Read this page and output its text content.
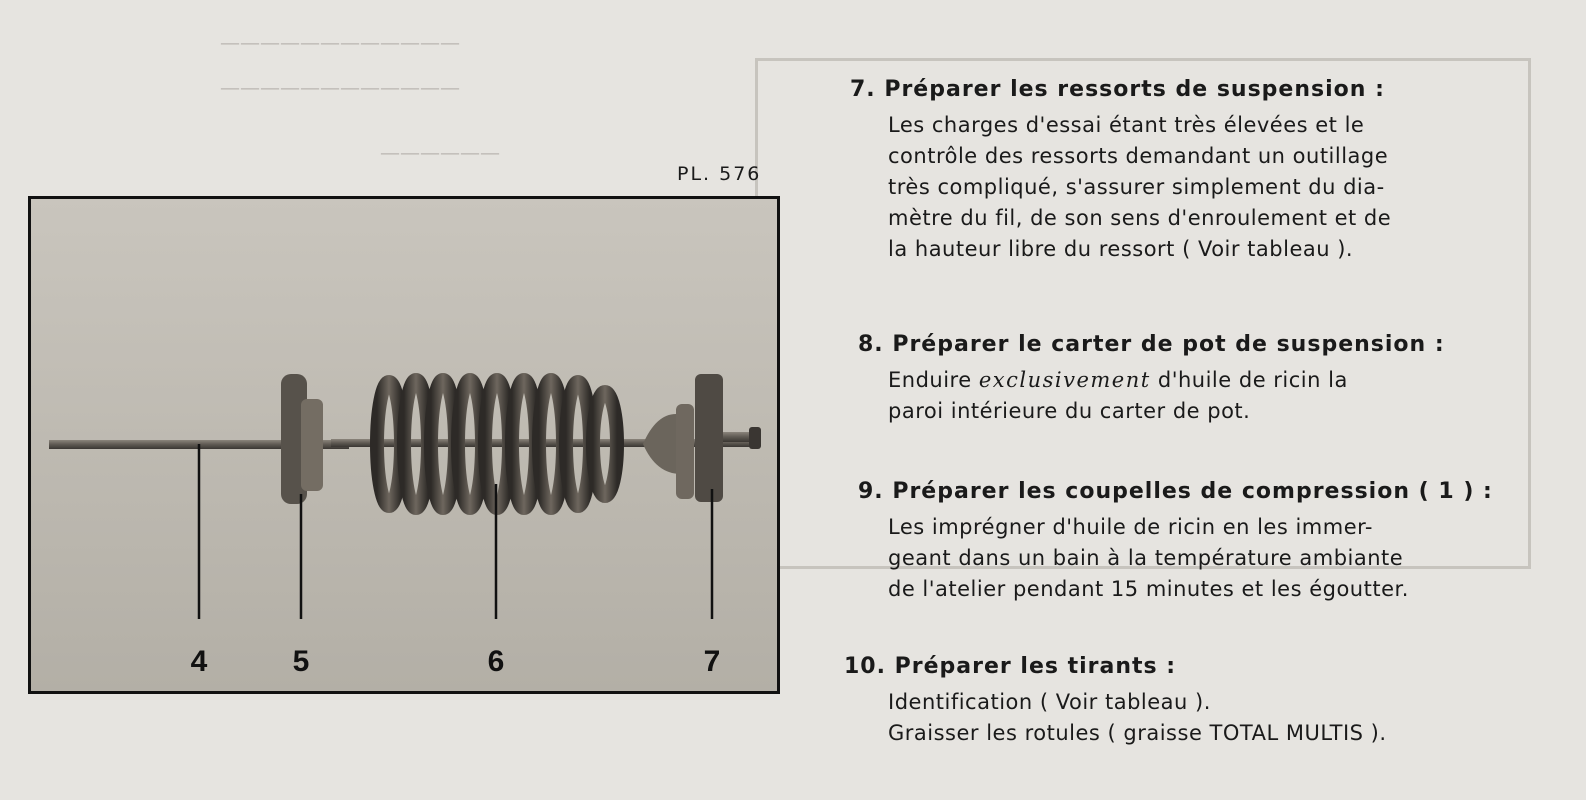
————————————
————————————
——————
PL. 576
4	5	6	7
7. Préparer les ressorts de suspension :

Les charges d'essai étant très élevées et le

contrôle des ressorts demandant un outillage

très compliqué, s'assurer simplement du dia-

mètre du fil, de son sens d'enroulement et de

la hauteur libre du ressort ( Voir tableau ).

8. Préparer le carter de pot de suspension :

Enduire exclusivement d'huile de ricin la

paroi intérieure du carter de pot.

9. Préparer les coupelles de compression ( 1 ) :

Les imprégner d'huile de ricin en les immer-

geant dans un bain à la température ambiante

de l'atelier pendant 15 minutes et les égoutter.

10. Préparer les tirants :

Identification ( Voir tableau ).

Graisser les rotules ( graisse TOTAL MULTIS ).
